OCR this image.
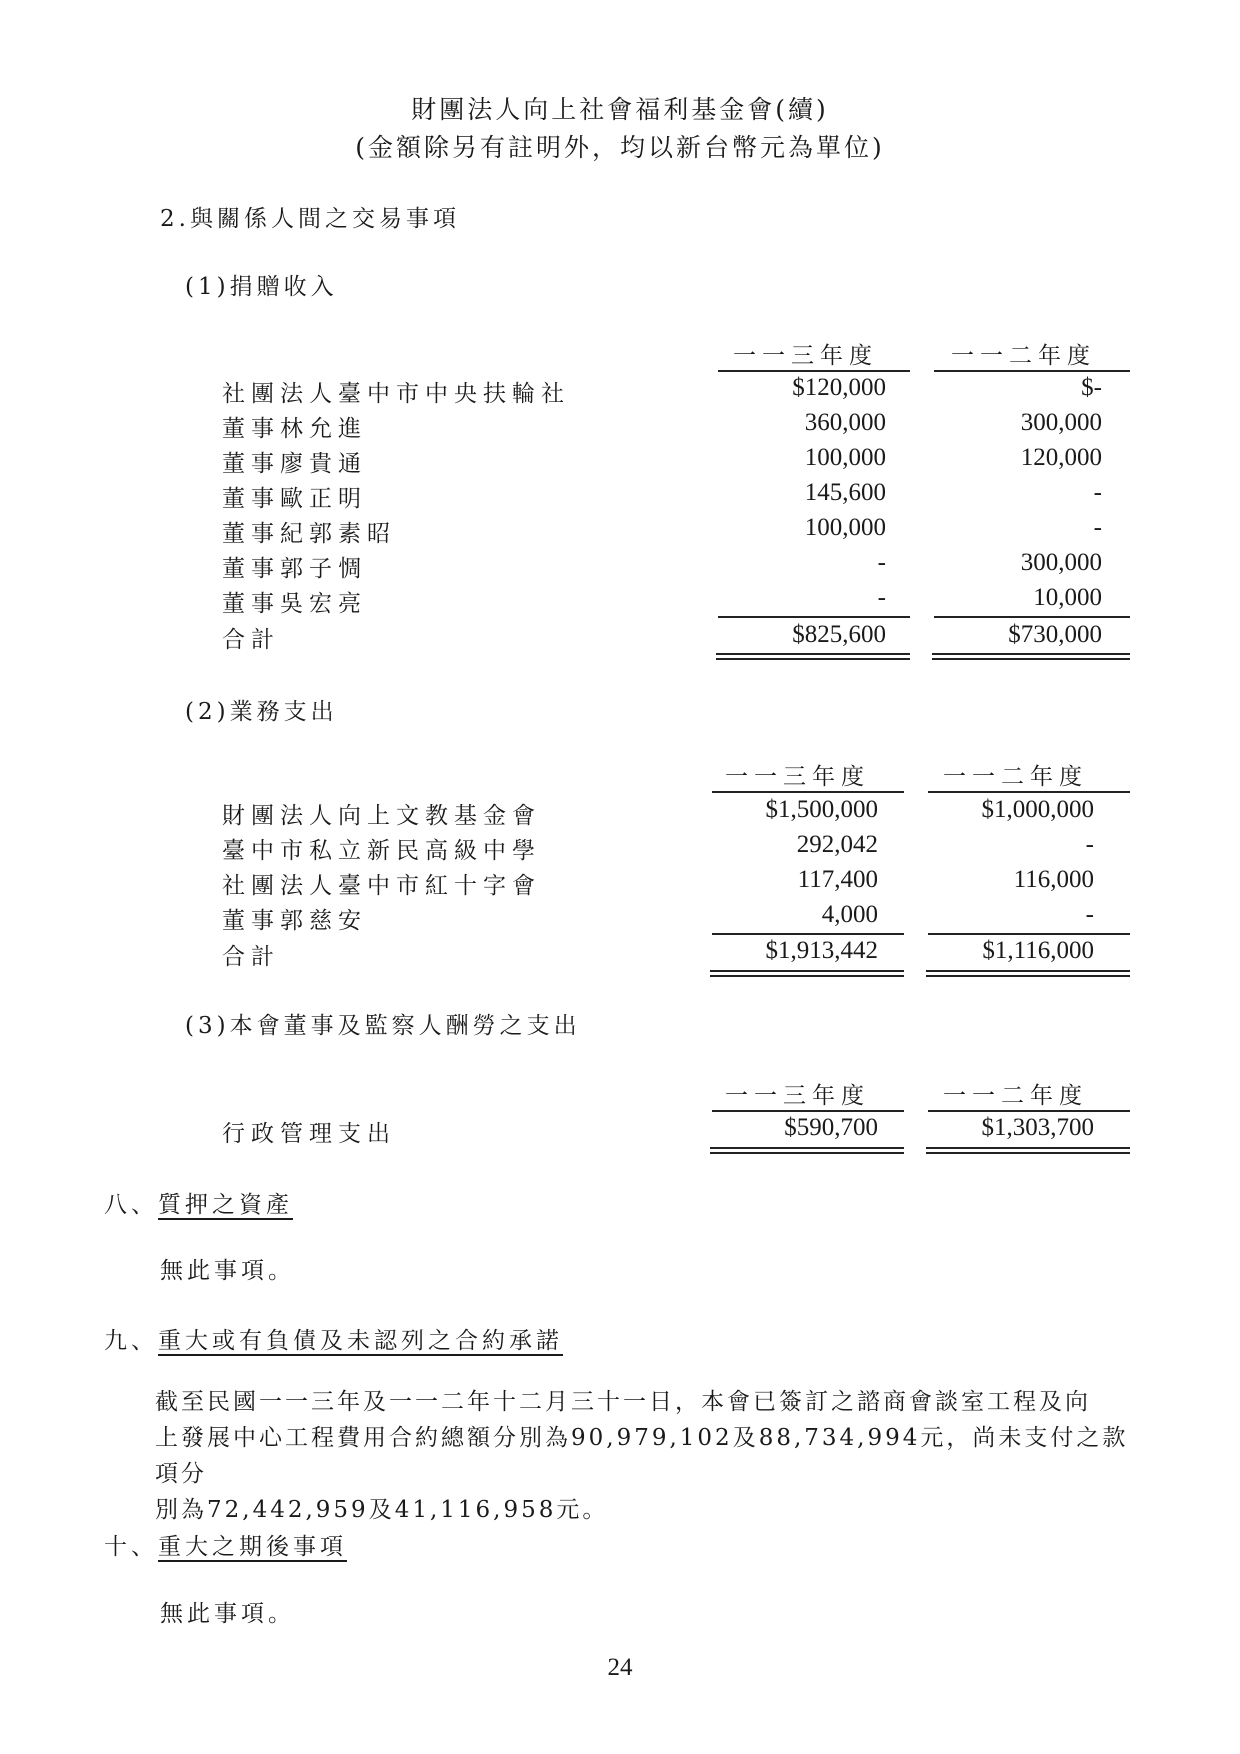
財團法人向上社會福利基金會(續)
(金額除另有註明外，均以新台幣元為單位)
2.與關係人間之交易事項
(1)捐贈收入
一一三年度	一一二年度
社團法人臺中市中央扶輪社	$120,000	$-
董事林允進	360,000	300,000
董事廖貴通	100,000	120,000
董事歐正明	145,600	-
董事紀郭素昭	100,000	-
董事郭子惆	-	300,000
董事吳宏亮	-	10,000
合計	$825,600	$730,000
(2)業務支出
一一三年度	一一二年度
財團法人向上文教基金會	$1,500,000	$1,000,000
臺中市私立新民高級中學	292,042	-
社團法人臺中市紅十字會	117,400	116,000
董事郭慈安	4,000	-
合計	$1,913,442	$1,116,000
(3)本會董事及監察人酬勞之支出
一一三年度	一一二年度
行政管理支出	$590,700	$1,303,700
八、質押之資產
無此事項。
九、重大或有負債及未認列之合約承諾
截至民國一一三年及一一二年十二月三十一日，本會已簽訂之諮商會談室工程及向
上發展中心工程費用合約總額分別為90,979,102及88,734,994元，尚未支付之款項分
別為72,442,959及41,116,958元。
十、重大之期後事項
無此事項。
24
